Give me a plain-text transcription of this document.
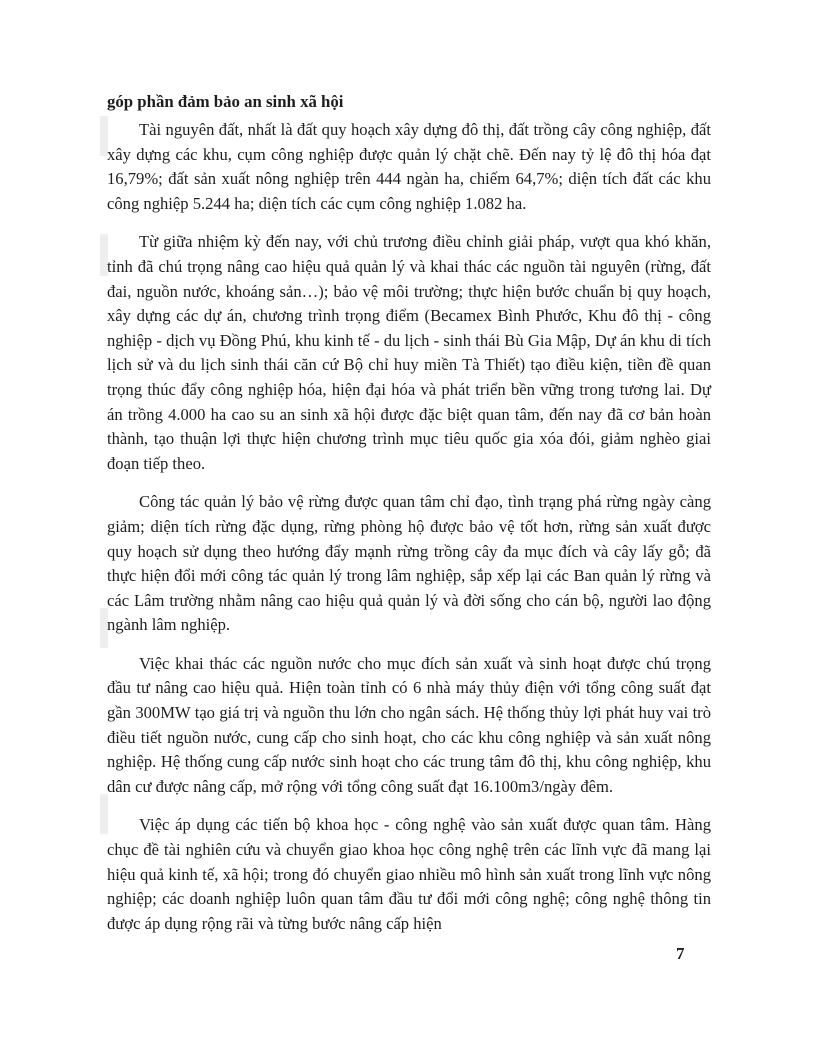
góp phần đảm bảo an sinh xã hội

Tài nguyên đất, nhất là đất quy hoạch xây dựng đô thị, đất trồng cây công nghiệp, đất xây dựng các khu, cụm công nghiệp được quản lý chặt chẽ. Đến nay tỷ lệ đô thị hóa đạt 16,79%; đất sản xuất nông nghiệp trên 444 ngàn ha, chiếm 64,7%; diện tích đất các khu công nghiệp 5.244 ha; diện tích các cụm công nghiệp 1.082 ha.

Từ giữa nhiệm kỳ đến nay, với chủ trương điều chỉnh giải pháp, vượt qua khó khăn, tỉnh đã chú trọng nâng cao hiệu quả quản lý và khai thác các nguồn tài nguyên (rừng, đất đai, nguồn nước, khoáng sản…); bảo vệ môi trường; thực hiện bước chuẩn bị quy hoạch, xây dựng các dự án, chương trình trọng điểm (Becamex Bình Phước, Khu đô thị - công nghiệp - dịch vụ Đồng Phú, khu kinh tế - du lịch - sinh thái Bù Gia Mập, Dự án khu di tích lịch sử và du lịch sinh thái căn cứ Bộ chỉ huy miền Tà Thiết) tạo điều kiện, tiền đề quan trọng thúc đẩy công nghiệp hóa, hiện đại hóa và phát triển bền vững trong tương lai. Dự án trồng 4.000 ha cao su an sinh xã hội được đặc biệt quan tâm, đến nay đã cơ bản hoàn thành, tạo thuận lợi thực hiện chương trình mục tiêu quốc gia xóa đói, giảm nghèo giai đoạn tiếp theo.

Công tác quản lý bảo vệ rừng được quan tâm chỉ đạo, tình trạng phá rừng ngày càng giảm; diện tích rừng đặc dụng, rừng phòng hộ được bảo vệ tốt hơn, rừng sản xuất được quy hoạch sử dụng theo hướng đẩy mạnh rừng trồng cây đa mục đích và cây lấy gỗ; đã thực hiện đổi mới công tác quản lý trong lâm nghiệp, sắp xếp lại các Ban quản lý rừng và các Lâm trường nhằm nâng cao hiệu quả quản lý và đời sống cho cán bộ, người lao động ngành lâm nghiệp.

Việc khai thác các nguồn nước cho mục đích sản xuất và sinh hoạt được chú trọng đầu tư nâng cao hiệu quả. Hiện toàn tỉnh có 6 nhà máy thủy điện với tổng công suất đạt gần 300MW tạo giá trị và nguồn thu lớn cho ngân sách. Hệ thống thủy lợi phát huy vai trò điều tiết nguồn nước, cung cấp cho sinh hoạt, cho các khu công nghiệp và sản xuất nông nghiệp. Hệ thống cung cấp nước sinh hoạt cho các trung tâm đô thị, khu công nghiệp, khu dân cư được nâng cấp, mở rộng với tổng công suất đạt 16.100m3/ngày đêm.

Việc áp dụng các tiến bộ khoa học - công nghệ vào sản xuất được quan tâm. Hàng chục đề tài nghiên cứu và chuyển giao khoa học công nghệ trên các lĩnh vực đã mang lại hiệu quả kinh tế, xã hội; trong đó chuyển giao nhiều mô hình sản xuất trong lĩnh vực nông nghiệp; các doanh nghiệp luôn quan tâm đầu tư đổi mới công nghệ; công nghệ thông tin được áp dụng rộng rãi và từng bước nâng cấp hiện

7
